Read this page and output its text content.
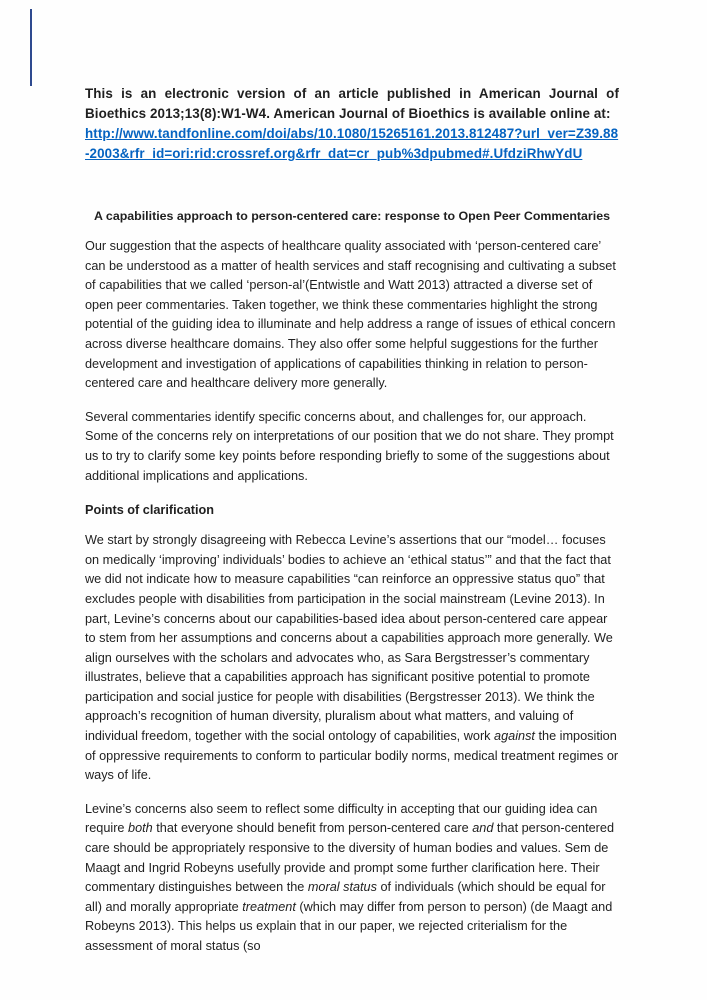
This is an electronic version of an article published in American Journal of Bioethics 2013;13(8):W1-W4. American Journal of Bioethics is available online at:

http://www.tandfonline.com/doi/abs/10.1080/15265161.2013.812487?url_ver=Z39.88-2003&rfr_id=ori:rid:crossref.org&rfr_dat=cr_pub%3dpubmed#.UfdziRhwYdU
A capabilities approach to person-centered care: response to Open Peer Commentaries

Our suggestion that the aspects of healthcare quality associated with ‘person-centered care’ can be understood as a matter of health services and staff recognising and cultivating a subset of capabilities that we called ‘person-al’(Entwistle and Watt 2013) attracted a diverse set of open peer commentaries. Taken together, we think these commentaries highlight the strong potential of the guiding idea to illuminate and help address a range of issues of ethical concern across diverse healthcare domains. They also offer some helpful suggestions for the further development and investigation of applications of capabilities thinking in relation to person-centered care and healthcare delivery more generally.

Several commentaries identify specific concerns about, and challenges for, our approach. Some of the concerns rely on interpretations of our position that we do not share. They prompt us to try to clarify some key points before responding briefly to some of the suggestions about additional implications and applications.

Points of clarification

We start by strongly disagreeing with Rebecca Levine’s assertions that our “model… focuses on medically ‘improving’ individuals’ bodies to achieve an ‘ethical status’” and that the fact that we did not indicate how to measure capabilities “can reinforce an oppressive status quo” that excludes people with disabilities from participation in the social mainstream (Levine 2013). In part, Levine’s concerns about our capabilities-based idea about person-centered care appear to stem from her assumptions and concerns about a capabilities approach more generally. We align ourselves with the scholars and advocates who, as Sara Bergstresser’s commentary illustrates, believe that a capabilities approach has significant positive potential to promote participation and social justice for people with disabilities (Bergstresser 2013). We think the approach’s recognition of human diversity, pluralism about what matters, and valuing of individual freedom, together with the social ontology of capabilities, work against the imposition of oppressive requirements to conform to particular bodily norms, medical treatment regimes or ways of life.

Levine’s concerns also seem to reflect some difficulty in accepting that our guiding idea can require both that everyone should benefit from person-centered care and that person-centered care should be appropriately responsive to the diversity of human bodies and values. Sem de Maagt and Ingrid Robeyns usefully provide and prompt some further clarification here. Their commentary distinguishes between the moral status of individuals (which should be equal for all) and morally appropriate treatment (which may differ from person to person) (de Maagt and Robeyns 2013). This helps us explain that in our paper, we rejected criterialism for the assessment of moral status (so
